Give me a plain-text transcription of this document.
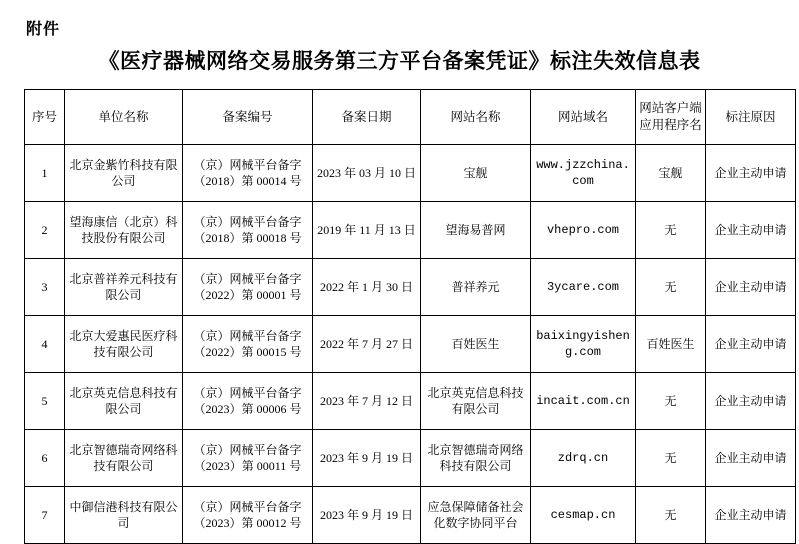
附件
《医疗器械网络交易服务第三方平台备案凭证》标注失效信息表
序号	单位名称	备案编号	备案日期	网站名称	网站域名	网站客户端应用程序名	标注原因
1	北京金紫竹科技有限公司	（京）网械平台备字（2018）第 00014 号	2023 年 03 月 10 日	宝舰	www.jzzchina.com	宝舰	企业主动申请
2	望海康信（北京）科技股份有限公司	（京）网械平台备字（2018）第 00018 号	2019 年 11 月 13 日	望海易普网	vhepro.com	无	企业主动申请
3	北京普祥养元科技有限公司	（京）网械平台备字（2022）第 00001 号	2022 年 1 月 30 日	普祥养元	3ycare.com	无	企业主动申请
4	北京大爱惠民医疗科技有限公司	（京）网械平台备字（2022）第 00015 号	2022 年 7 月 27 日	百姓医生	baixingyisheng.com	百姓医生	企业主动申请
5	北京英克信息科技有限公司	（京）网械平台备字（2023）第 00006 号	2023 年 7 月 12 日	北京英克信息科技有限公司	incait.com.cn	无	企业主动申请
6	北京智德瑞奇网络科技有限公司	（京）网械平台备字（2023）第 00011 号	2023 年 9 月 19 日	北京智德瑞奇网络科技有限公司	zdrq.cn	无	企业主动申请
7	中御信港科技有限公司	（京）网械平台备字（2023）第 00012 号	2023 年 9 月 19 日	应急保障储备社会化数字协同平台	cesmap.cn	无	企业主动申请
